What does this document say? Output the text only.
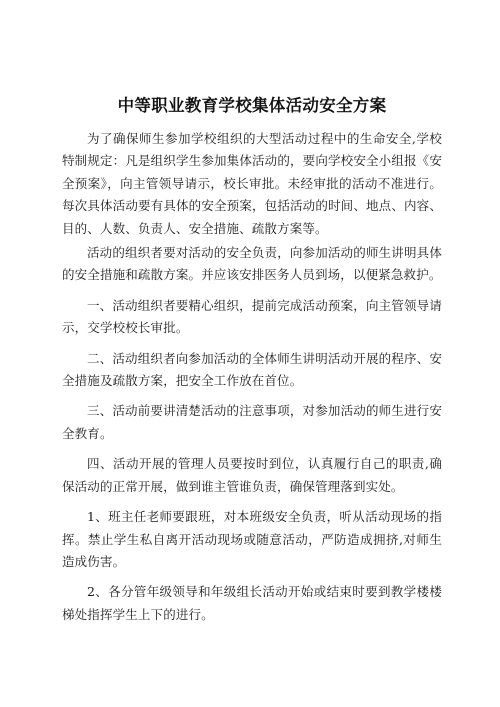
中等职业教育学校集体活动安全方案

为了确保师生参加学校组织的大型活动过程中的生命安全,学校特制规定：凡是组织学生参加集体活动的，要向学校安全小组报《安全预案》，向主管领导请示，校长审批。未经审批的活动不准进行。每次具体活动要有具体的安全预案，包括活动的时间、地点、内容、目的、人数、负责人、安全措施、疏散方案等。

活动的组织者要对活动的安全负责，向参加活动的师生讲明具体的安全措施和疏散方案。并应该安排医务人员到场，以便紧急救护。

一、活动组织者要精心组织，提前完成活动预案，向主管领导请示，交学校校长审批。

二、活动组织者向参加活动的全体师生讲明活动开展的程序、安全措施及疏散方案，把安全工作放在首位。

三、活动前要讲清楚活动的注意事项，对参加活动的师生进行安全教育。

四、活动开展的管理人员要按时到位，认真履行自己的职责,确保活动的正常开展，做到谁主管谁负责，确保管理落到实处。

1、班主任老师要跟班，对本班级安全负责，听从活动现场的指挥。禁止学生私自离开活动现场或随意活动，严防造成拥挤,对师生造成伤害。

2、各分管年级领导和年级组长活动开始或结束时要到教学楼楼梯处指挥学生上下的进行。
